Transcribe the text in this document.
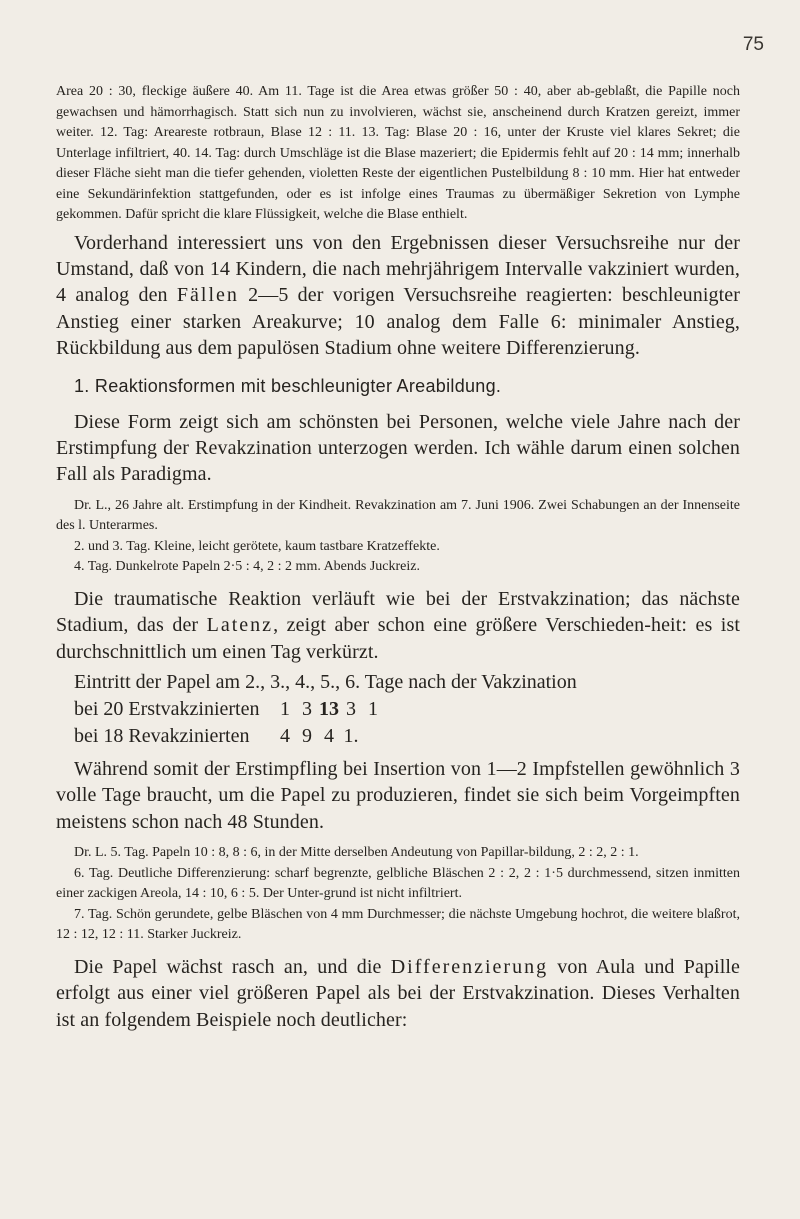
75

Area 20 : 30, fleckige äußere 40. Am 11. Tage ist die Area etwas größer 50 : 40, aber ab-geblaßt, die Papille noch gewachsen und hämorrhagisch. Statt sich nun zu involvieren, wächst sie, anscheinend durch Kratzen gereizt, immer weiter. 12. Tag: Areareste rotbraun, Blase 12 : 11. 13. Tag: Blase 20 : 16, unter der Kruste viel klares Sekret; die Unterlage infiltriert, 40. 14. Tag: durch Umschläge ist die Blase mazeriert; die Epidermis fehlt auf 20 : 14 mm; innerhalb dieser Fläche sieht man die tiefer gehenden, violetten Reste der eigentlichen Pustelbildung 8 : 10 mm. Hier hat entweder eine Sekundärinfektion stattgefunden, oder es ist infolge eines Traumas zu übermäßiger Sekretion von Lymphe gekommen. Dafür spricht die klare Flüssigkeit, welche die Blase enthielt.

Vorderhand interessiert uns von den Ergebnissen dieser Versuchsreihe nur der Umstand, daß von 14 Kindern, die nach mehrjährigem Intervalle vakziniert wurden, 4 analog den Fällen 2—5 der vorigen Versuchsreihe reagierten: beschleunigter Anstieg einer starken Areakurve; 10 analog dem Falle 6: minimaler Anstieg, Rückbildung aus dem papulösen Stadium ohne weitere Differenzierung.

1. Reaktionsformen mit beschleunigter Areabildung.

Diese Form zeigt sich am schönsten bei Personen, welche viele Jahre nach der Erstimpfung der Revakzination unterzogen werden. Ich wähle darum einen solchen Fall als Paradigma.

Dr. L., 26 Jahre alt. Erstimpfung in der Kindheit. Revakzination am 7. Juni 1906. Zwei Schabungen an der Innenseite des l. Unterarmes.

2. und 3. Tag. Kleine, leicht gerötete, kaum tastbare Kratzeffekte.

4. Tag. Dunkelrote Papeln 2·5 : 4, 2 : 2 mm. Abends Juckreiz.

Die traumatische Reaktion verläuft wie bei der Erstvakzination; das nächste Stadium, das der Latenz, zeigt aber schon eine größere Verschieden-heit: es ist durchschnittlich um einen Tag verkürzt.

Eintritt der Papel am 2., 3., 4., 5., 6. Tage nach der Vakzination
bei 20 Erstvakzinierten 1 3 13 3 1
bei 18 Revakzinierten 4 9 4 1.

Während somit der Erstimpfling bei Insertion von 1—2 Impfstellen gewöhnlich 3 volle Tage braucht, um die Papel zu produzieren, findet sie sich beim Vorgeimpften meistens schon nach 48 Stunden.

Dr. L. 5. Tag. Papeln 10 : 8, 8 : 6, in der Mitte derselben Andeutung von Papillar-bildung, 2 : 2, 2 : 1.

6. Tag. Deutliche Differenzierung: scharf begrenzte, gelbliche Bläschen 2 : 2, 2 : 1·5 durchmessend, sitzen inmitten einer zackigen Areola, 14 : 10, 6 : 5. Der Unter-grund ist nicht infiltriert.

7. Tag. Schön gerundete, gelbe Bläschen von 4 mm Durchmesser; die nächste Umgebung hochrot, die weitere blaßrot, 12 : 12, 12 : 11. Starker Juckreiz.

Die Papel wächst rasch an, und die Differenzierung von Aula und Papille erfolgt aus einer viel größeren Papel als bei der Erstvakzination. Dieses Verhalten ist an folgendem Beispiele noch deutlicher:
